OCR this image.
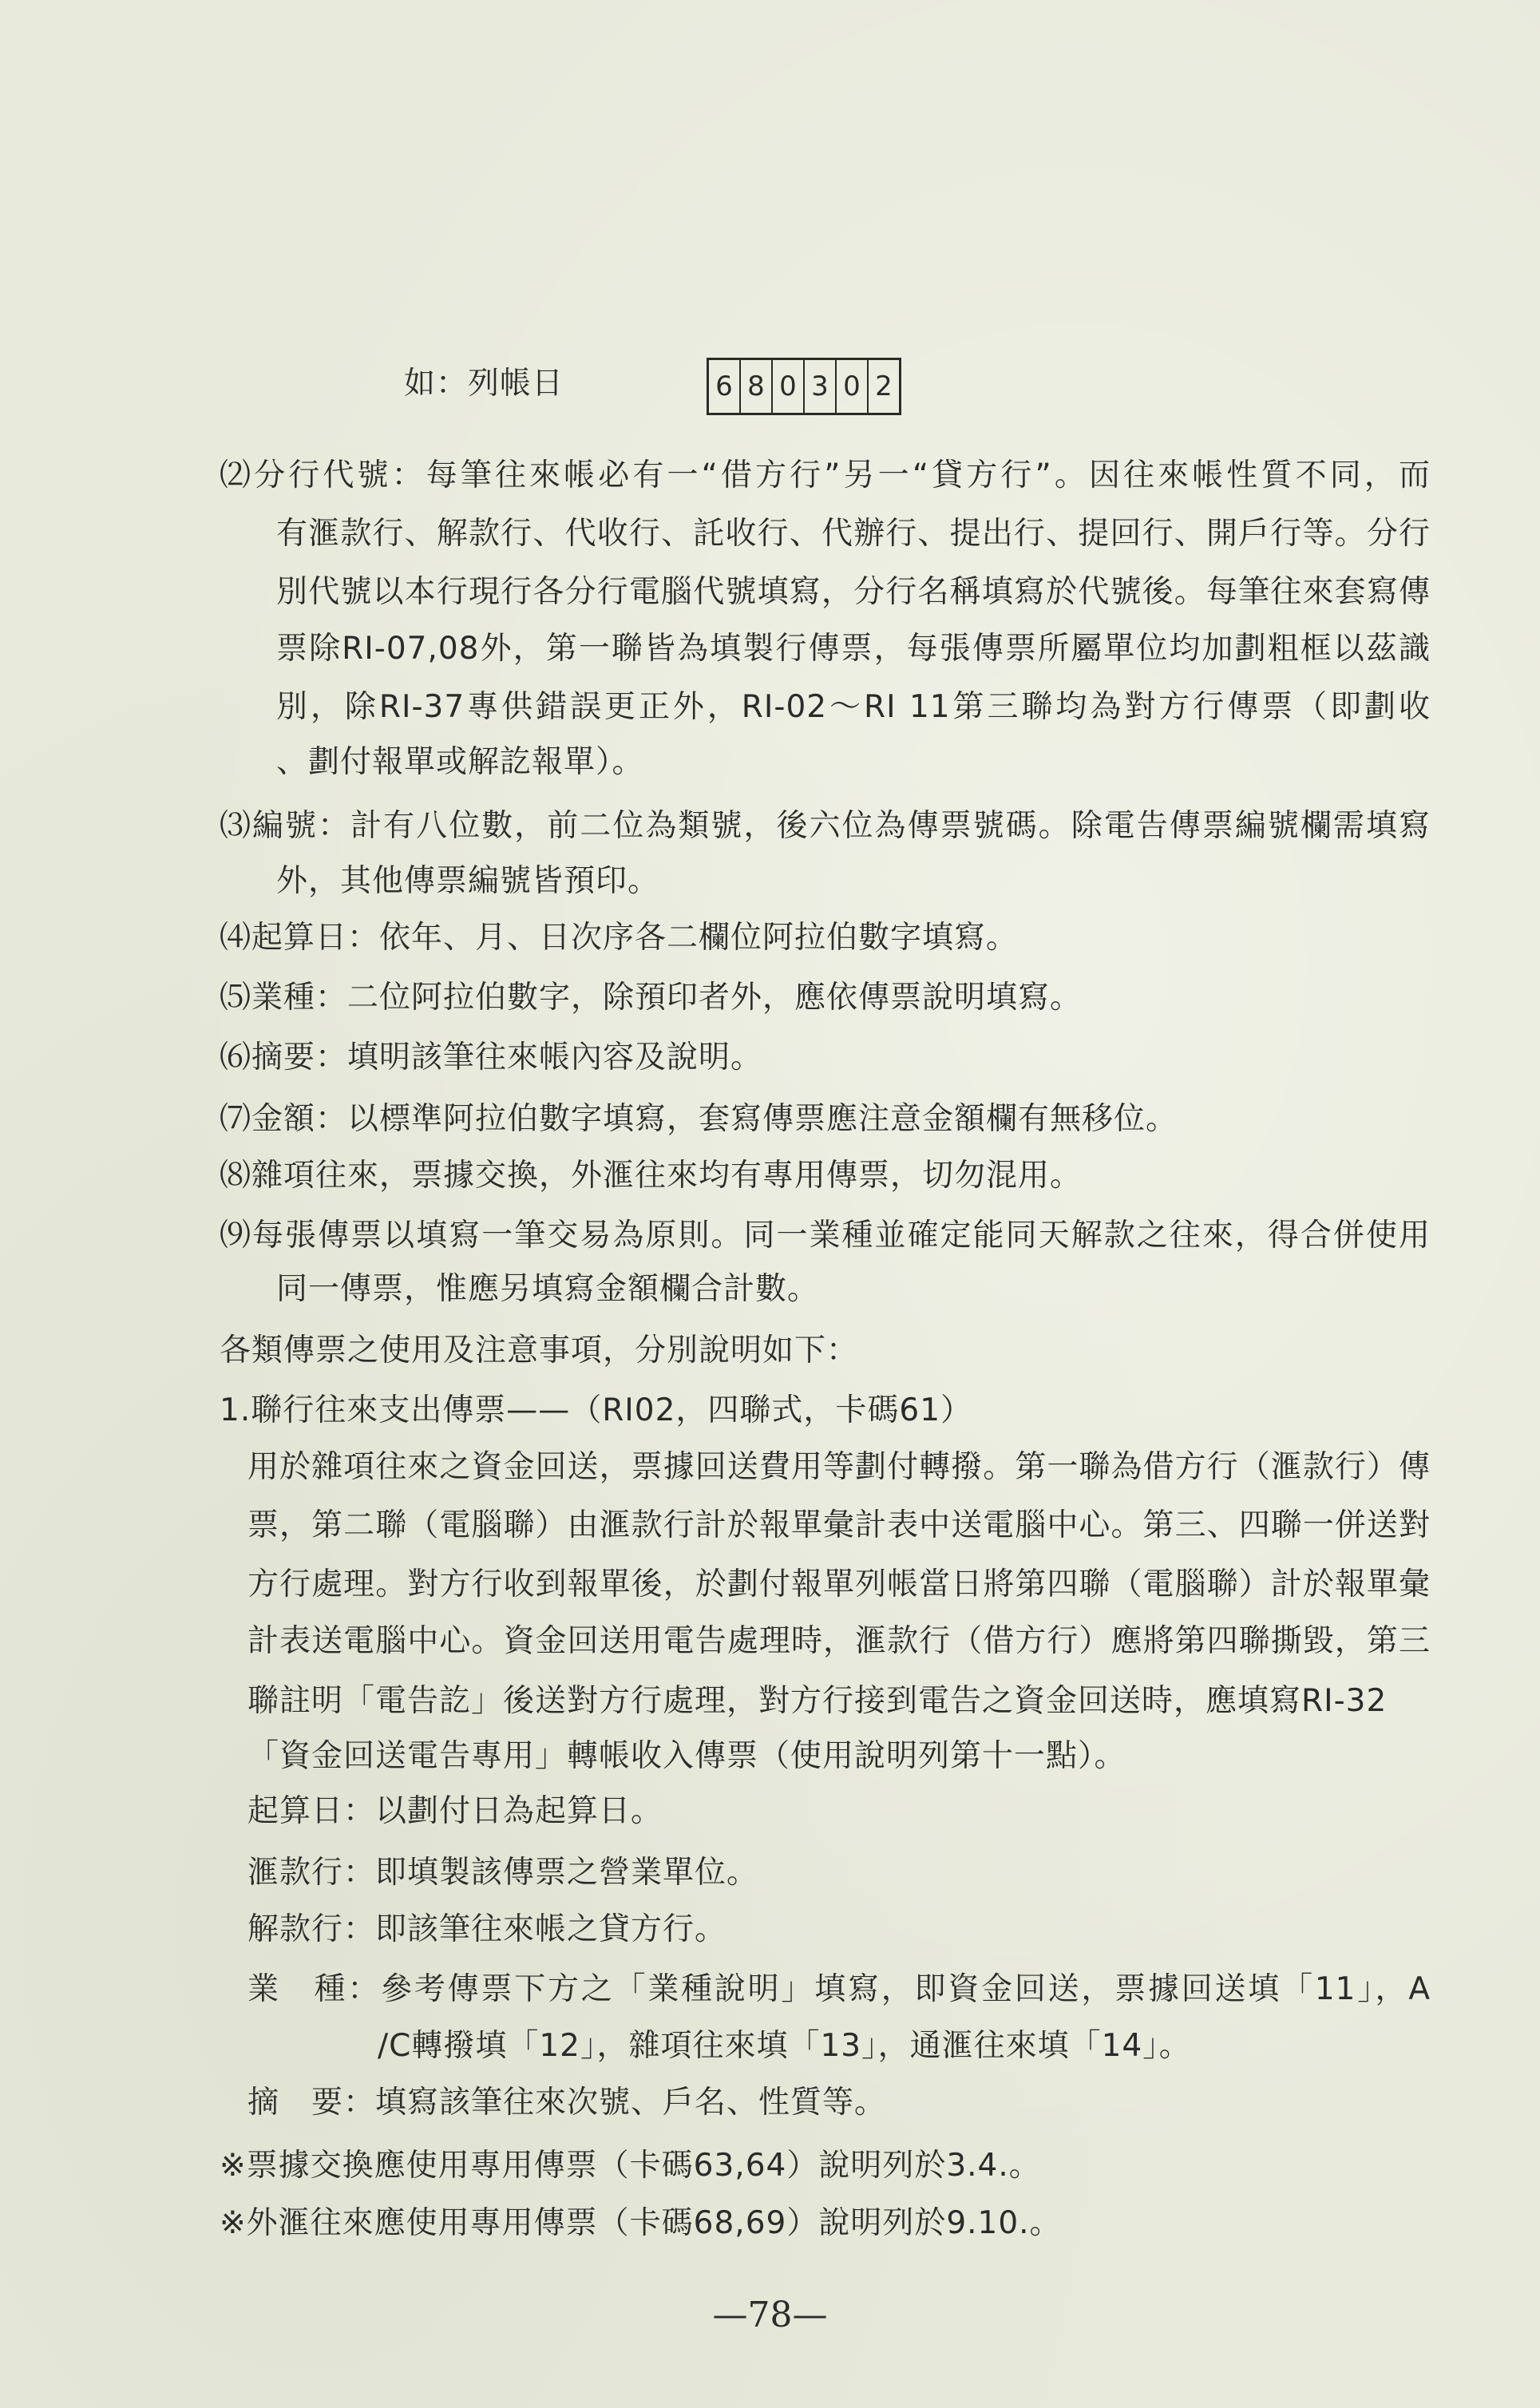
如：列帳日	6 8 0 3 0 2
⑵分行代號：每筆往來帳必有一“借方行”另一“貸方行”。因往來帳性質不同，而
有滙款行、解款行、代收行、託收行、代辦行、提出行、提回行、開戶行等。分行
別代號以本行現行各分行電腦代號填寫，分行名稱填寫於代號後。每筆往來套寫傳
票除RI-07,08外，第一聯皆為填製行傳票，每張傳票所屬單位均加劃粗框以茲識
別，除RI-37專供錯誤更正外，RI-02～RI 11第三聯均為對方行傳票（即劃收
、劃付報單或解訖報單）。
⑶編號：計有八位數，前二位為類號，後六位為傳票號碼。除電告傳票編號欄需填寫
外，其他傳票編號皆預印。
⑷起算日：依年、月、日次序各二欄位阿拉伯數字填寫。
⑸業種：二位阿拉伯數字，除預印者外，應依傳票說明填寫。
⑹摘要：填明該筆往來帳內容及說明。
⑺金額：以標準阿拉伯數字填寫，套寫傳票應注意金額欄有無移位。
⑻雜項往來，票據交換，外滙往來均有專用傳票，切勿混用。
⑼每張傳票以填寫一筆交易為原則。同一業種並確定能同天解款之往來，得合併使用
同一傳票，惟應另填寫金額欄合計數。
各類傳票之使用及注意事項，分別說明如下：
1.聯行往來支出傳票——（RI02，四聯式，卡碼61）
用於雜項往來之資金回送，票據回送費用等劃付轉撥。第一聯為借方行（滙款行）傳
票，第二聯（電腦聯）由滙款行計於報單彙計表中送電腦中心。第三、四聯一併送對
方行處理。對方行收到報單後，於劃付報單列帳當日將第四聯（電腦聯）計於報單彙
計表送電腦中心。資金回送用電告處理時，滙款行（借方行）應將第四聯撕毀，第三
聯註明「電告訖」後送對方行處理，對方行接到電告之資金回送時，應填寫RI-32
「資金回送電告專用」轉帳收入傳票（使用說明列第十一點）。
起算日：以劃付日為起算日。
滙款行：即填製該傳票之營業單位。
解款行：即該筆往來帳之貸方行。
業　種：參考傳票下方之「業種說明」填寫，即資金回送，票據回送填「11」，A
/C轉撥填「12」，雜項往來填「13」，通滙往來填「14」。
摘　要：填寫該筆往來次號、戶名、性質等。
※票據交換應使用專用傳票（卡碼63,64）說明列於3.4.。
※外滙往來應使用專用傳票（卡碼68,69）說明列於9.10.。
—78—
